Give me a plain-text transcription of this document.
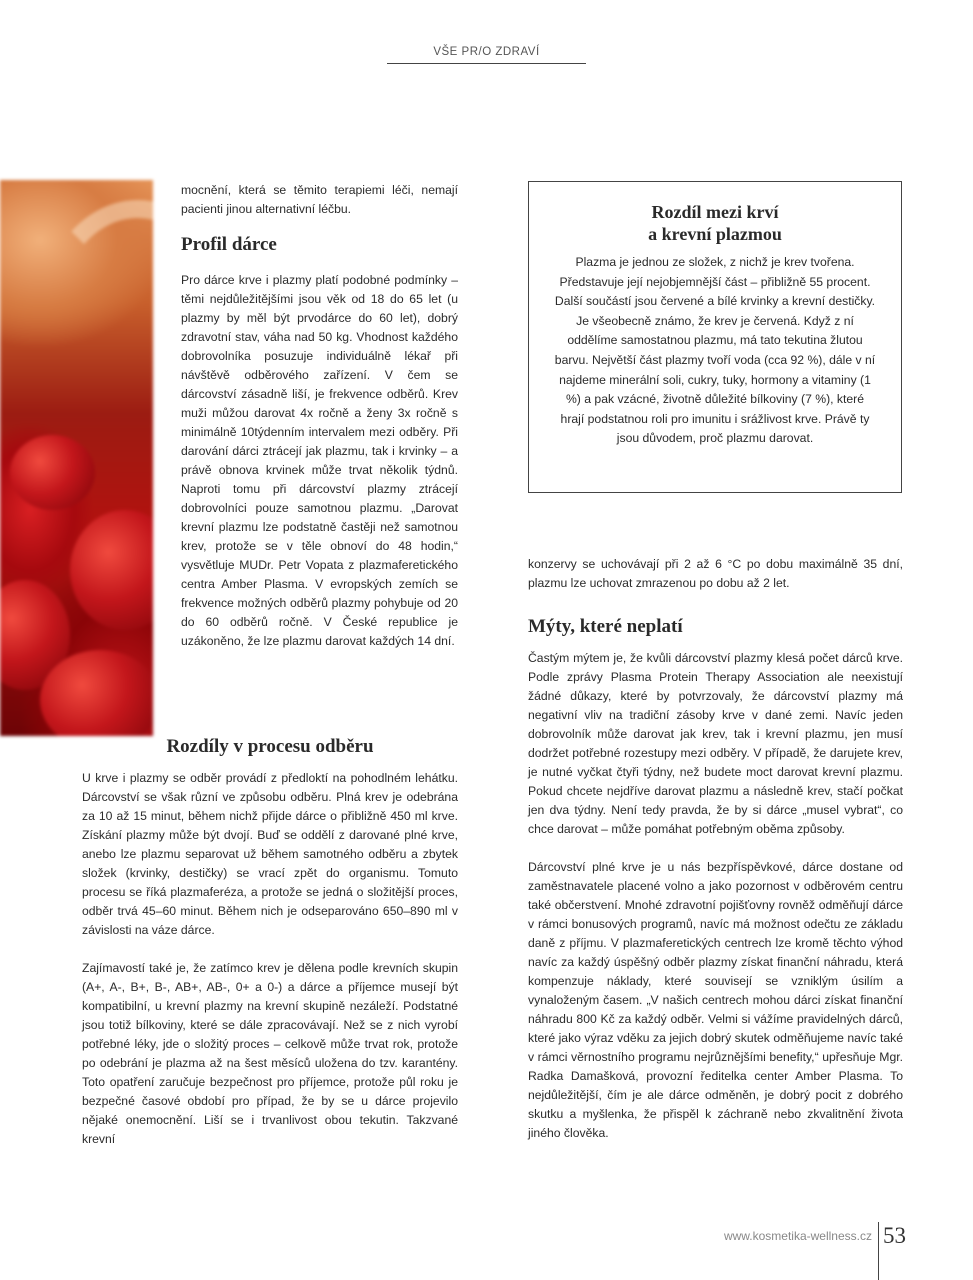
VŠE PR/O ZDRAVÍ

mocnění, která se těmito terapiemi léči, nemají pacienti jinou alternativní léčbu.

Profil dárce

Pro dárce krve i plazmy platí podobné podmínky – těmi nejdůležitějšími jsou věk od 18 do 65 let (u plazmy by měl být prvodárce do 60 let), dobrý zdravotní stav, váha nad 50 kg. Vhodnost každého dobrovolníka posuzuje individuálně lékař při návštěvě odběrového zařízení. V čem se dárcovství zásadně liší, je frekvence odběrů. Krev muži můžou darovat 4x ročně a ženy 3x ročně s minimálně 10týdenním intervalem mezi odběry. Při darování dárci ztrácejí jak plazmu, tak i krvinky – a právě obnova krvinek může trvat několik týdnů. Naproti tomu při dárcovství plazmy ztrácejí dobrovolníci pouze samotnou plazmu. „Darovat krevní plazmu lze podstatně častěji než samotnou krev, protože se v těle obnoví do 48 hodin,“ vysvětluje MUDr. Petr Vopata z plazmaferetického centra Amber Plasma. V evropských zemích se frekvence možných odběrů plazmy pohybuje od 20 do 60 odběrů ročně. V České republice je uzákoněno, že lze plazmu darovat každých 14 dní.

Rozdíly v procesu odběru

U krve i plazmy se odběr provádí z předloktí na pohodlném lehátku. Dárcovství se však různí ve způsobu odběru. Plná krev je odebrána za 10 až 15 minut, během nichž přijde dárce o přibližně 450 ml krve. Získání plazmy může být dvojí. Buď se oddělí z darované plné krve, anebo lze plazmu separovat už během samotného odběru a zbytek složek (krvinky, destičky) se vrací zpět do organismu. Tomuto procesu se říká plazmaferéza, a protože se jedná o složitější proces, odběr trvá 45–60 minut. Během nich je odseparováno 650–890 ml v závislosti na váze dárce.

Zajímavostí také je, že zatímco krev je dělena podle krevních skupin (A+, A-, B+, B-, AB+, AB-, 0+ a 0-) a dárce a příjemce musejí být kompatibilní, u krevní plazmy na krevní skupině nezáleží. Podstatné jsou totiž bílkoviny, které se dále zpracovávají. Než se z nich vyrobí potřebné léky, jde o složitý proces – celkově může trvat rok, protože po odebrání je plazma až na šest měsíců uložena do tzv. karantény. Toto opatření zaručuje bezpečnost pro příjemce, protože půl roku je bezpečné časové období pro případ, že by se u dárce projevilo nějaké onemocnění. Liší se i trvanlivost obou tekutin. Takzvané krevní

Rozdíl mezi krví
a krevní plazmou
Plazma je jednou ze složek, z nichž je krev tvořena. Představuje její nejobjemnější část – přibližně 55 procent. Další součástí jsou červené a bílé krvinky a krevní destičky. Je všeobecně známo, že krev je červená. Když z ní oddělíme samostatnou plazmu, má tato tekutina žlutou barvu. Největší část plazmy tvoří voda (cca 92 %), dále v ní najdeme minerální soli, cukry, tuky, hormony a vitaminy (1 %) a pak vzácné, životně důležité bílkoviny (7 %), které hrají podstatnou roli pro imunitu i srážlivost krve. Právě ty jsou důvodem, proč plazmu darovat.

konzervy se uchovávají při 2 až 6 °C po dobu maximálně 35 dní, plazmu lze uchovat zmrazenou po dobu až 2 let.

Mýty, které neplatí

Častým mýtem je, že kvůli dárcovství plazmy klesá počet dárců krve. Podle zprávy Plasma Protein Therapy Association ale neexistují žádné důkazy, které by potvrzovaly, že dárcovství plazmy má negativní vliv na tradiční zásoby krve v dané zemi. Navíc jeden dobrovolník může darovat jak krev, tak i krevní plazmu, jen musí dodržet potřebné rozestupy mezi odběry. V případě, že darujete krev, je nutné vyčkat čtyři týdny, než budete moct darovat krevní plazmu. Pokud chcete nejdříve darovat plazmu a následně krev, stačí počkat jen dva týdny. Není tedy pravda, že by si dárce „musel vybrat“, co chce darovat – může pomáhat potřebným oběma způsoby.

Dárcovství plné krve je u nás bezpříspěvkové, dárce dostane od zaměstnavatele placené volno a jako pozornost v odběrovém centru také občerstvení. Mnohé zdravotní pojišťovny rovněž odměňují dárce v rámci bonusových programů, navíc má možnost odečtu ze základu daně z příjmu. V plazmaferetických centrech lze kromě těchto výhod navíc za každý úspěšný odběr plazmy získat finanční náhradu, která kompenzuje náklady, které souvisejí se vzniklým úsilím a vynaloženým časem. „V našich centrech mohou dárci získat finanční náhradu 800 Kč za každý odběr. Velmi si vážíme pravidelných dárců, které jako výraz vděku za jejich dobrý skutek odměňujeme navíc také v rámci věrnostního programu nejrůznějšími benefity,“ upřesňuje Mgr. Radka Damašková, provozní ředitelka center Amber Plasma. To nejdůležitější, čím je ale dárce odměněn, je dobrý pocit z dobrého skutku a myšlenka, že přispěl k záchraně nebo zkvalitnění života jiného člověka.

www.kosmetika-wellness.cz 53
